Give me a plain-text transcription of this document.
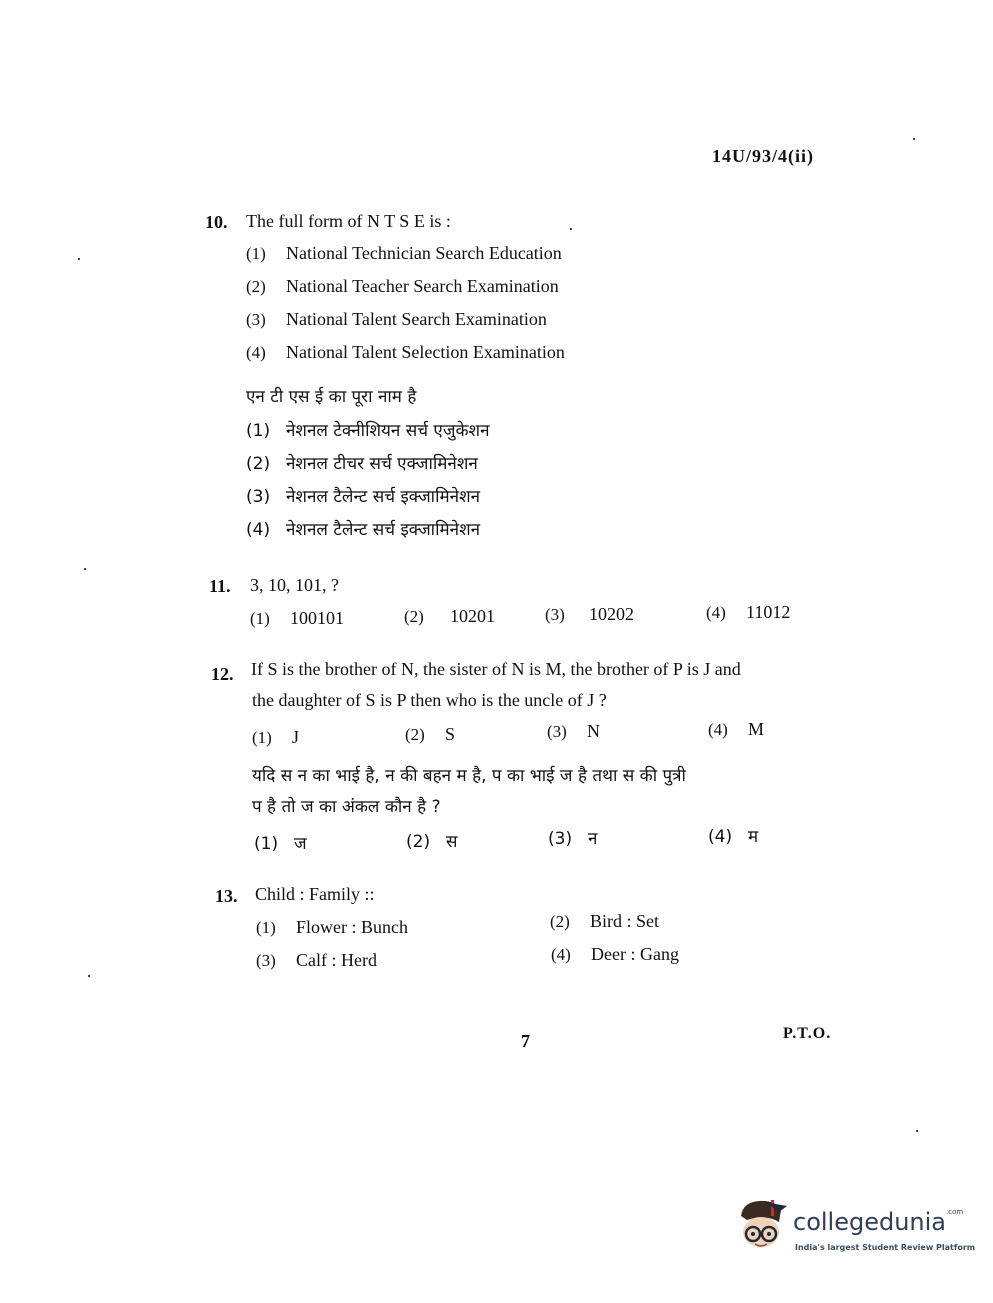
14U/93/4(ii)
10. The full form of N T S E is :
(1) National Technician Search Education
(2) National Teacher Search Examination
(3) National Talent Search Examination
(4) National Talent Selection Examination
एन टी एस ई का पूरा नाम है
(1) नेशनल टेक्नीशियन सर्च एजुकेशन
(2) नेशनल टीचर सर्च एक्जामिनेशन
(3) नेशनल टैलेन्ट सर्च इक्जामिनेशन
(4) नेशनल टैलेन्ट सर्च इक्जामिनेशन
11. 3, 10, 101, ?
(1) 100101	(2) 10201	(3) 10202	(4) 11012
12. If S is the brother of N, the sister of N is M, the brother of P is J and
the daughter of S is P then who is the uncle of J ?
(1) J	(2) S	(3) N	(4) M
यदि स न का भाई है, न की बहन म है, प का भाई ज है तथा स की पुत्री
प है तो ज का अंकल कौन है ?
(1) ज	(2) स	(3) न	(4) म
13. Child : Family ::
(1) Flower : Bunch	(2) Bird : Set
(3) Calf : Herd	(4) Deer : Gang
7	P.T.O.
collegedunia$^{.com}$
India's largest Student Review Platform
